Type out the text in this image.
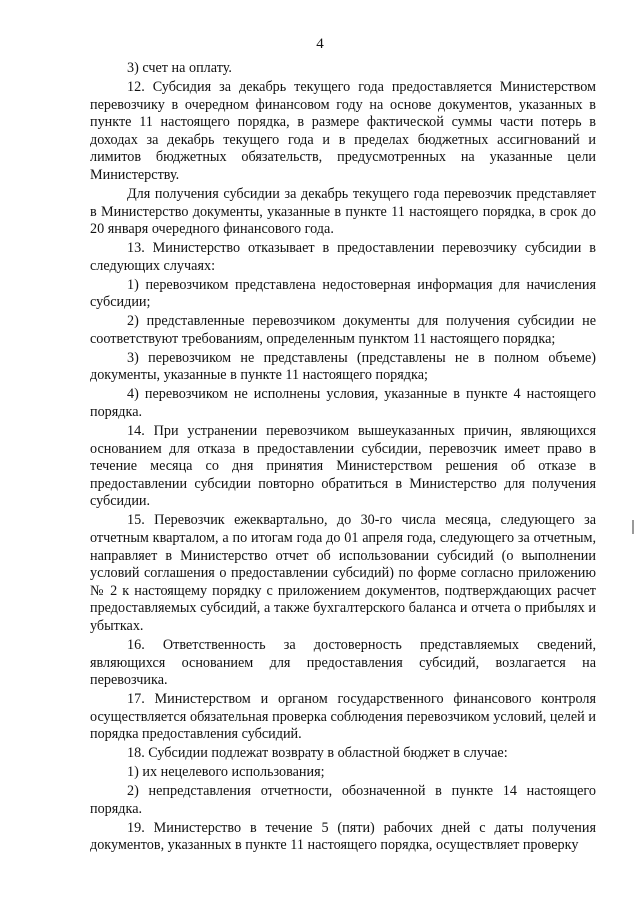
4

3) счет на оплату.

12. Субсидия за декабрь текущего года предоставляется Министерством перевозчику в очередном финансовом году на основе документов, указанных в пункте 11 настоящего порядка, в размере фактической суммы части потерь в доходах за декабрь текущего года и в пределах бюджетных ассигнований и лимитов бюджетных обязательств, предусмотренных на указанные цели Министерству.

Для получения субсидии за декабрь текущего года перевозчик представляет в Министерство документы, указанные в пункте 11 настоящего порядка, в срок до 20 января очередного финансового года.

13. Министерство отказывает в предоставлении перевозчику субсидии в следующих случаях:

1) перевозчиком представлена недостоверная информация для начисления субсидии;

2) представленные перевозчиком документы для получения субсидии не соответствуют требованиям, определенным пунктом 11 настоящего порядка;

3) перевозчиком не представлены (представлены не в полном объеме) документы, указанные в пункте 11 настоящего порядка;

4) перевозчиком не исполнены условия, указанные в пункте 4 настоящего порядка.

14. При устранении перевозчиком вышеуказанных причин, являющихся основанием для отказа в предоставлении субсидии, перевозчик имеет право в течение месяца со дня принятия Министерством решения об отказе в предоставлении субсидии повторно обратиться в Министерство для получения субсидии.

15. Перевозчик ежеквартально, до 30-го числа месяца, следующего за отчетным кварталом, а по итогам года до 01 апреля года, следующего за отчетным, направляет в Министерство отчет об использовании субсидий (о выполнении условий соглашения о предоставлении субсидий) по форме согласно приложению № 2 к настоящему порядку с приложением документов, подтверждающих расчет предоставляемых субсидий, а также бухгалтерского баланса и отчета о прибылях и убытках.

16. Ответственность за достоверность представляемых сведений, являющихся основанием для предоставления субсидий, возлагается на перевозчика.

17. Министерством и органом государственного финансового контроля осуществляется обязательная проверка соблюдения перевозчиком условий, целей и порядка предоставления субсидий.

18. Субсидии подлежат возврату в областной бюджет в случае:

1) их нецелевого использования;

2) непредставления отчетности, обозначенной в пункте 14 настоящего порядка.

19. Министерство в течение 5 (пяти) рабочих дней с даты получения документов, указанных в пункте 11 настоящего порядка, осуществляет проверку
